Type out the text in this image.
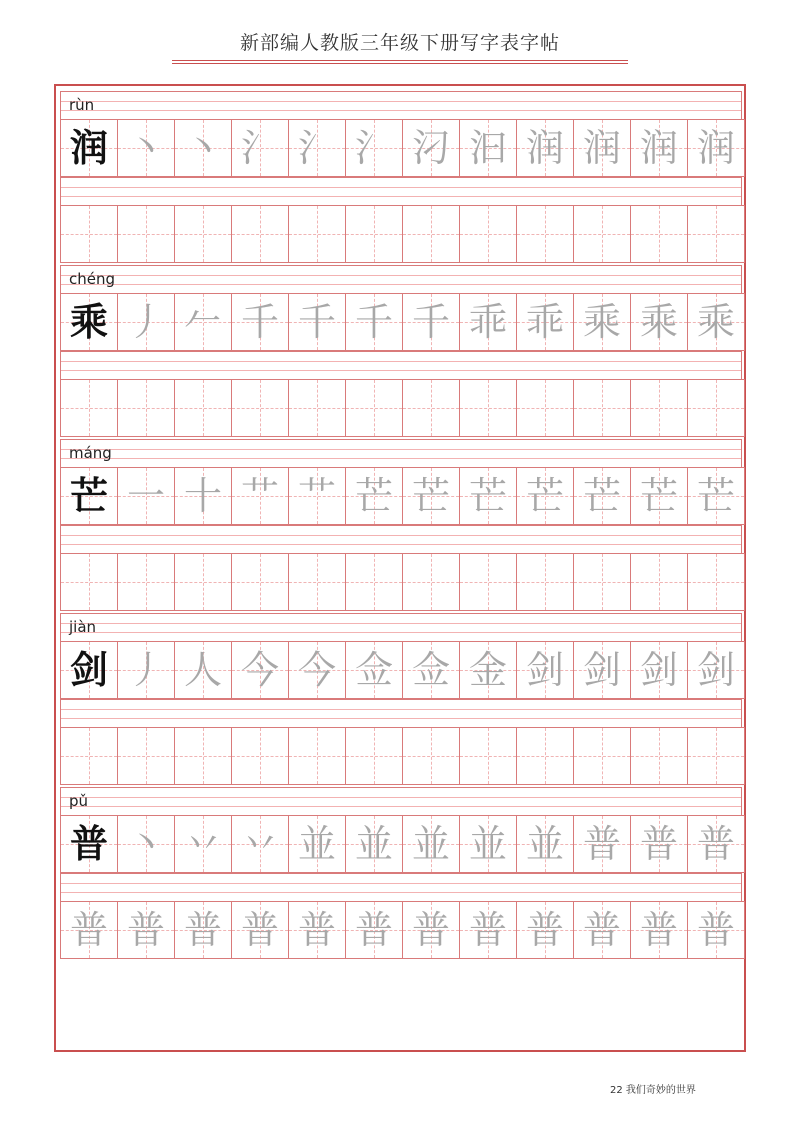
新部编人教版三年级下册写字表字帖
rùn
润 丶 丶 氵 氵 氵 汈 汩 润 润 润 润
chéng
乘 丿 𠂉 千 千 千 千 乖 乖 乘 乘 乘
máng
芒 一 十 艹 艹 芒 芒 芒 芒 芒 芒 芒
jiàn
剑 丿 人 今 今 佥 佥 金 剑 剑 剑 剑
pǔ
普 丶 丷 丷 並 並 並 並 並 普 普 普
普 普 普 普 普 普 普 普 普 普 普 普
22 我们奇妙的世界
